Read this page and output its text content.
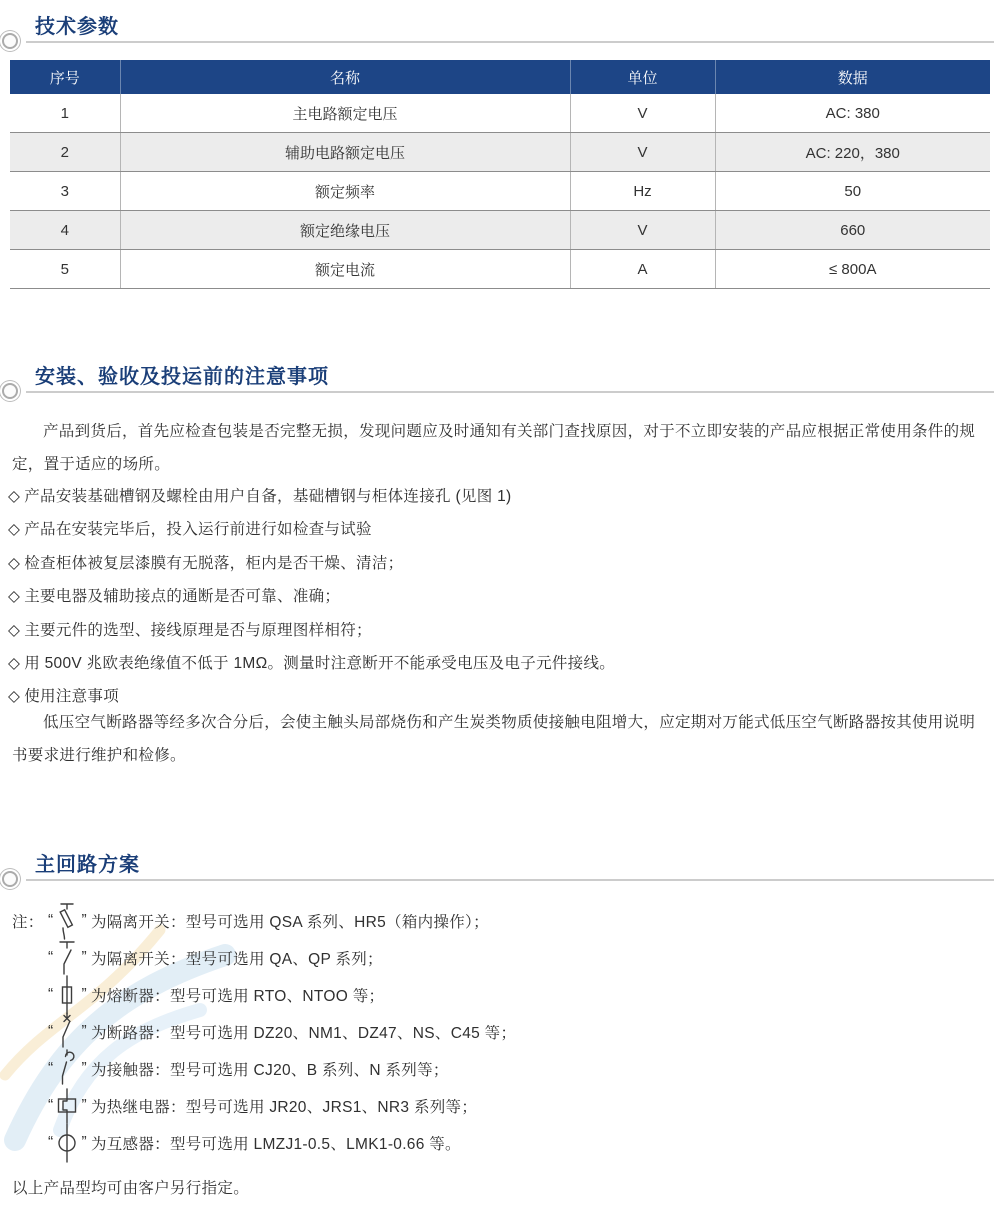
技术参数
序号	名称	单位	数据
1	主电路额定电压	V	AC: 380
2	辅助电路额定电压	V	AC: 220，380
3	额定频率	Hz	50
4	额定绝缘电压	V	660
5	额定电流	A	≤ 800A
安装、验收及投运前的注意事项

产品到货后，首先应检查包装是否完整无损，发现问题应及时通知有关部门查找原因，对于不立即安装的产品应根据正常使用条件的规定，置于适应的场所。

◇ 产品安装基础槽钢及螺栓由用户自备，基础槽钢与柜体连接孔 (见图 1)
◇ 产品在安装完毕后，投入运行前进行如检查与试验
◇ 检查柜体被复层漆膜有无脱落，柜内是否干燥、清洁；
◇ 主要电器及辅助接点的通断是否可靠、准确；
◇ 主要元件的选型、接线原理是否与原理图样相符；
◇ 用 500V 兆欧表绝缘值不低于 1MΩ。测量时注意断开不能承受电压及电子元件接线。
◇ 使用注意事项

低压空气断路器等经多次合分后，会使主触头局部烧伤和产生炭类物质使接触电阻增大，应定期对万能式低压空气断路器按其使用说明书要求进行维护和检修。

主回路方案
注： “ ” 为隔离开关：型号可选用 QSA 系列、HR5（箱内操作）；
“ ” 为隔离开关：型号可选用 QA、QP 系列；
“ ” 为熔断器：型号可选用 RTO、NTOO 等；
“ ” 为断路器：型号可选用 DZ20、NM1、DZ47、NS、C45 等；
“ ” 为接触器：型号可选用 CJ20、B 系列、N 系列等；
“ ” 为热继电器：型号可选用 JR20、JRS1、NR3 系列等；
“ ” 为互感器：型号可选用 LMZJ1-0.5、LMK1-0.66 等。
以上产品型均可由客户另行指定。
